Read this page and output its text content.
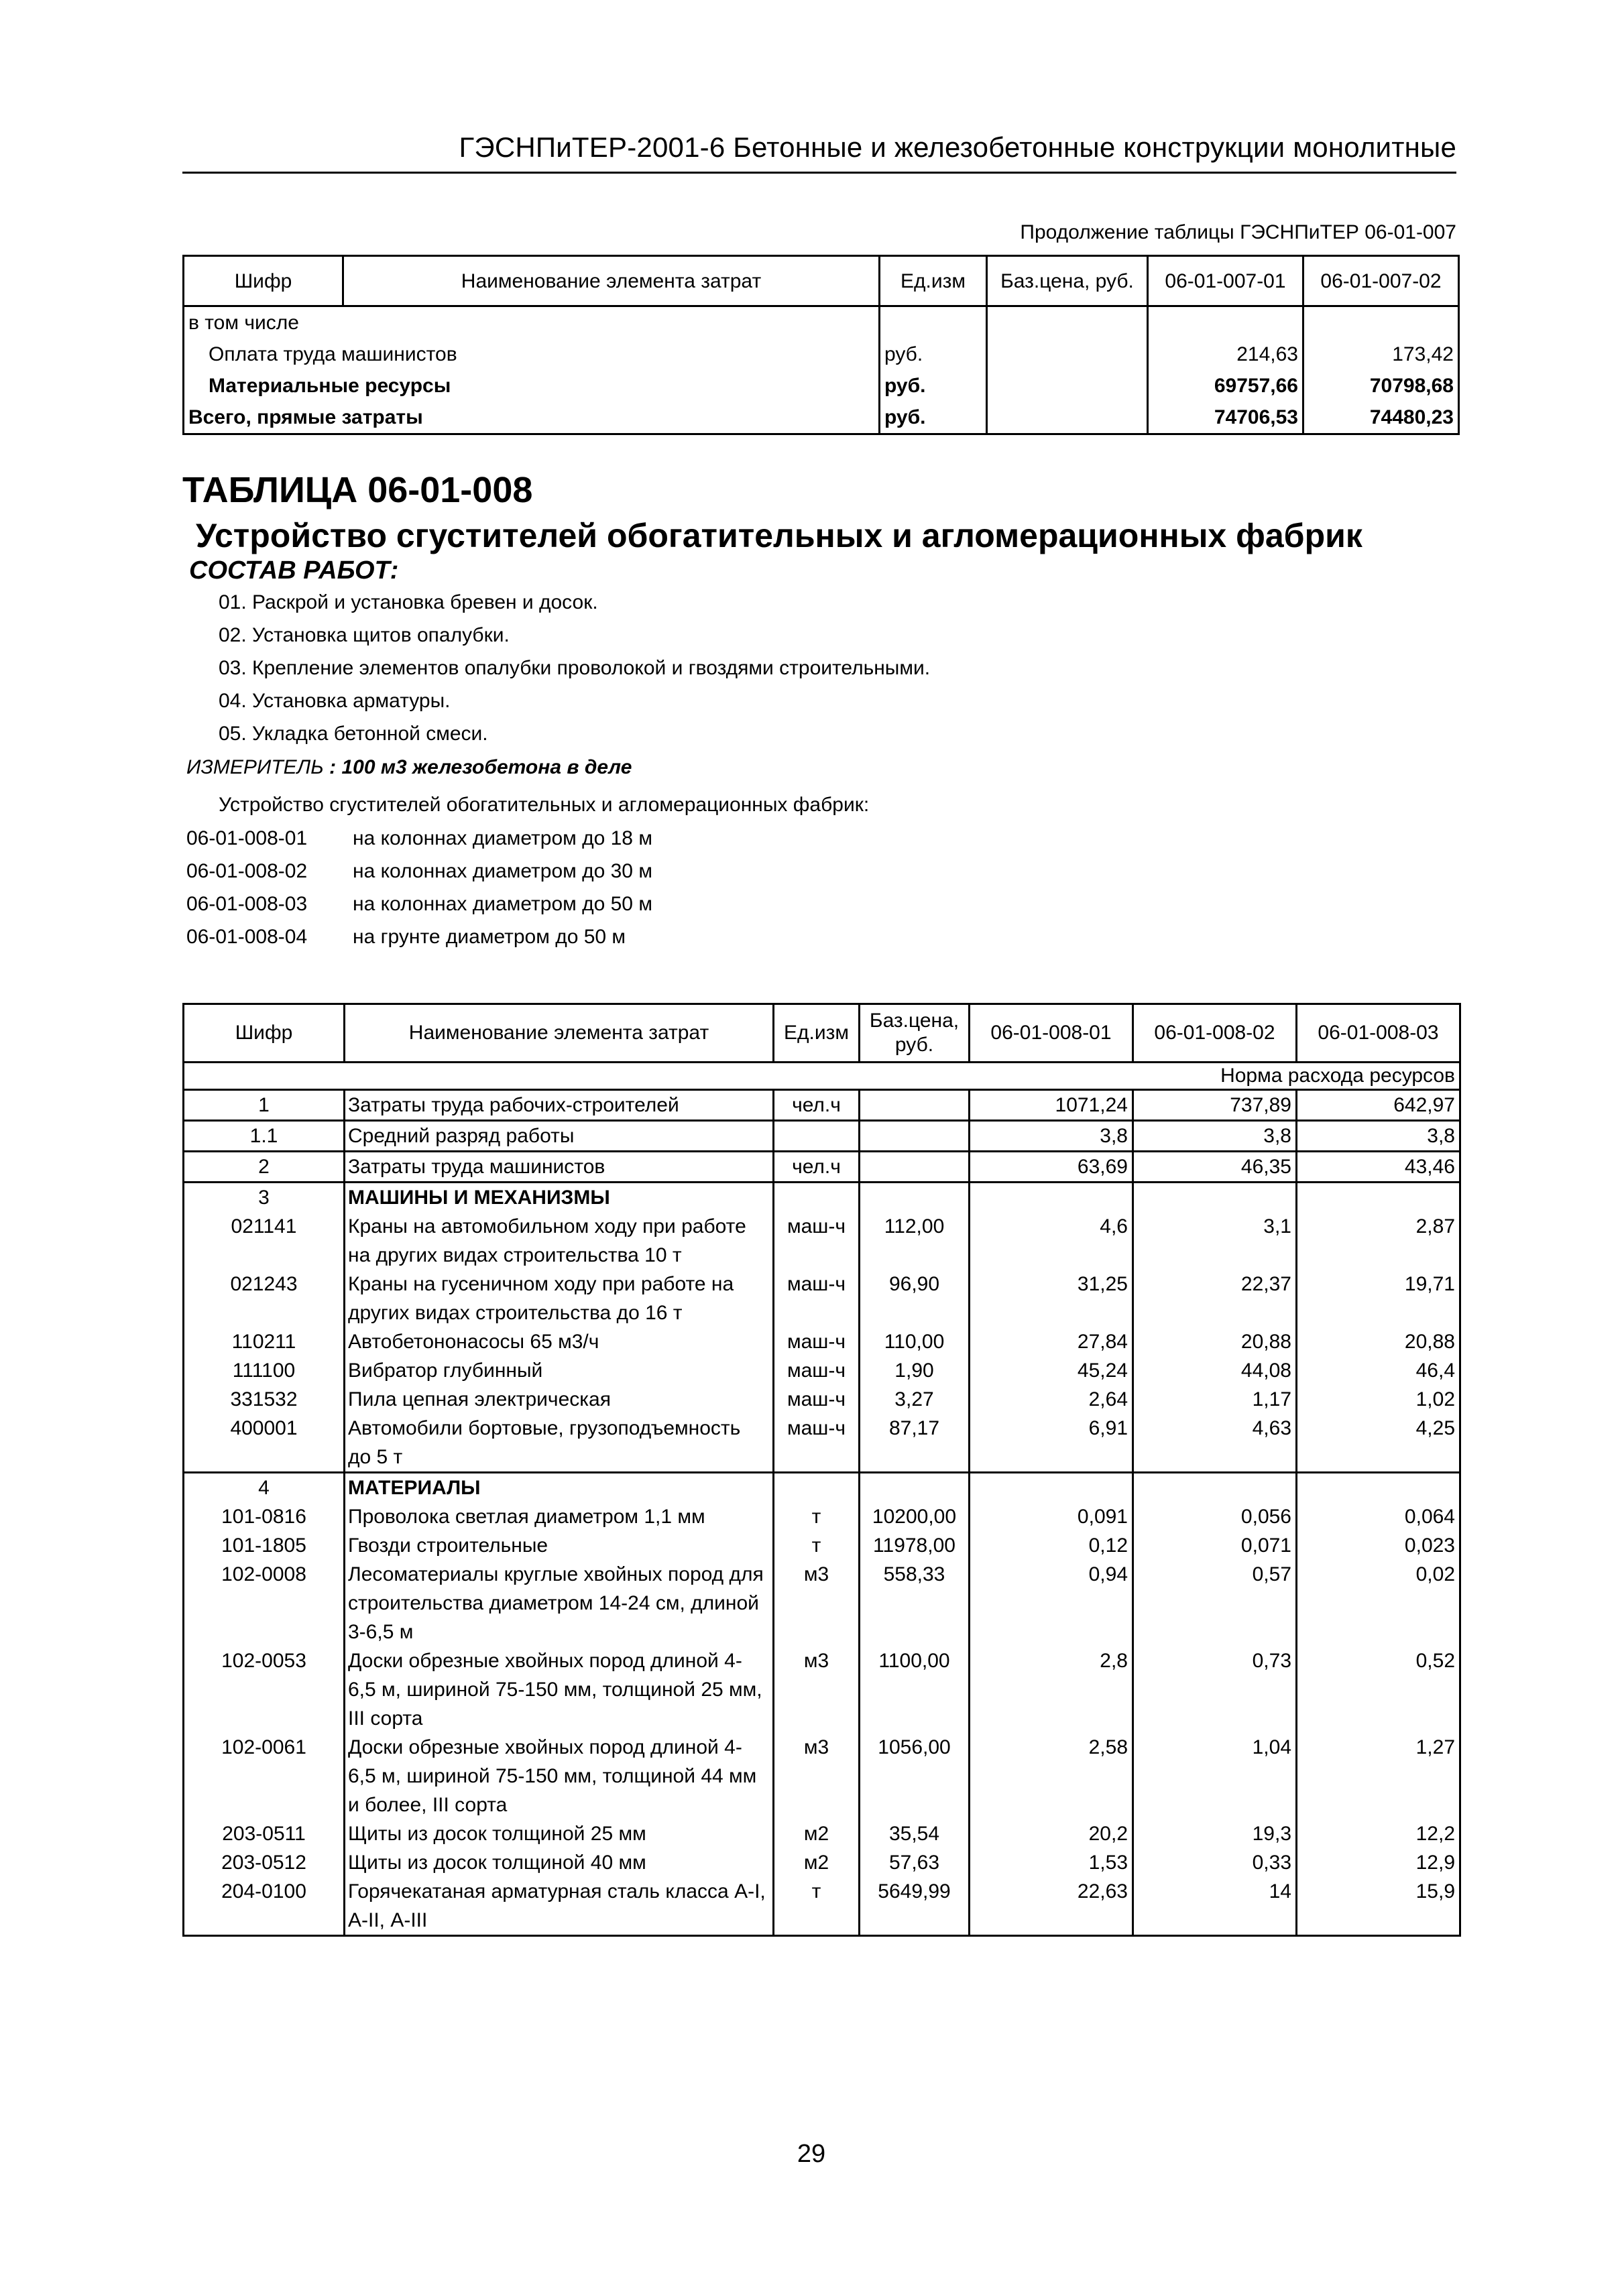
ГЭСНПиТЕР-2001-6 Бетонные и железобетонные конструкции монолитные
Продолжение таблицы ГЭСНПиТЕР 06-01-007
Шифр	Наименование элемента затрат	Ед.изм	Баз.цена, руб.	06-01-007-01	06-01-007-02
в том числе					
Оплата труда машинистов		руб.		214,63	173,42
Материальные ресурсы		руб.		69757,66	70798,68
Всего, прямые затраты		руб.		74706,53	74480,23
ТАБЛИЦА 06-01-008
Устройство сгустителей обогатительных и агломерационных фабрик
СОСТАВ РАБОТ:
01. Раскрой и установка бревен и досок.
02. Установка щитов опалубки.
03. Крепление элементов опалубки проволокой и гвоздями строительными.
04. Установка арматуры.
05. Укладка бетонной смеси.
ИЗМЕРИТЕЛЬ : 100 м3 железобетона в деле
Устройство сгустителей обогатительных и агломерационных фабрик:
06-01-008-01	на колоннах диаметром до 18 м
06-01-008-02	на колоннах диаметром до 30 м
06-01-008-03	на колоннах диаметром до 50 м
06-01-008-04	на грунте диаметром до 50 м
Шифр	Наименование элемента затрат	Ед.изм	Баз.цена, руб.	06-01-008-01	06-01-008-02	06-01-008-03
Норма расхода ресурсов						
1	Затраты труда рабочих-строителей	чел.ч		1071,24	737,89	642,97
1.1	Средний разряд работы			3,8	3,8	3,8
2	Затраты труда машинистов	чел.ч		63,69	46,35	43,46
3	МАШИНЫ И МЕХАНИЗМЫ					
021141	Краны на автомобильном ходу при работе на других видах строительства 10 т	маш-ч	112,00	4,6	3,1	2,87
021243	Краны на гусеничном ходу при работе на других видах строительства до 16 т	маш-ч	96,90	31,25	22,37	19,71
110211	Автобетононасосы 65 м3/ч	маш-ч	110,00	27,84	20,88	20,88
111100	Вибратор глубинный	маш-ч	1,90	45,24	44,08	46,4
331532	Пила цепная электрическая	маш-ч	3,27	2,64	1,17	1,02
400001	Автомобили бортовые, грузоподъемность до 5 т	маш-ч	87,17	6,91	4,63	4,25
4	МАТЕРИАЛЫ					
101-0816	Проволока светлая диаметром 1,1 мм	т	10200,00	0,091	0,056	0,064
101-1805	Гвозди строительные	т	11978,00	0,12	0,071	0,023
102-0008	Лесоматериалы круглые хвойных пород для строительства диаметром 14-24 см, длиной 3-6,5 м	м3	558,33	0,94	0,57	0,02
102-0053	Доски обрезные хвойных пород длиной 4-6,5 м, шириной 75-150 мм, толщиной 25 мм, III сорта	м3	1100,00	2,8	0,73	0,52
102-0061	Доски обрезные хвойных пород длиной 4-6,5 м, шириной 75-150 мм, толщиной 44 мм и более, III сорта	м3	1056,00	2,58	1,04	1,27
203-0511	Щиты из досок толщиной 25 мм	м2	35,54	20,2	19,3	12,2
203-0512	Щиты из досок толщиной 40 мм	м2	57,63	1,53	0,33	12,9
204-0100	Горячекатаная арматурная сталь класса А-I, А-II, А-III	т	5649,99	22,63	14	15,9
29
